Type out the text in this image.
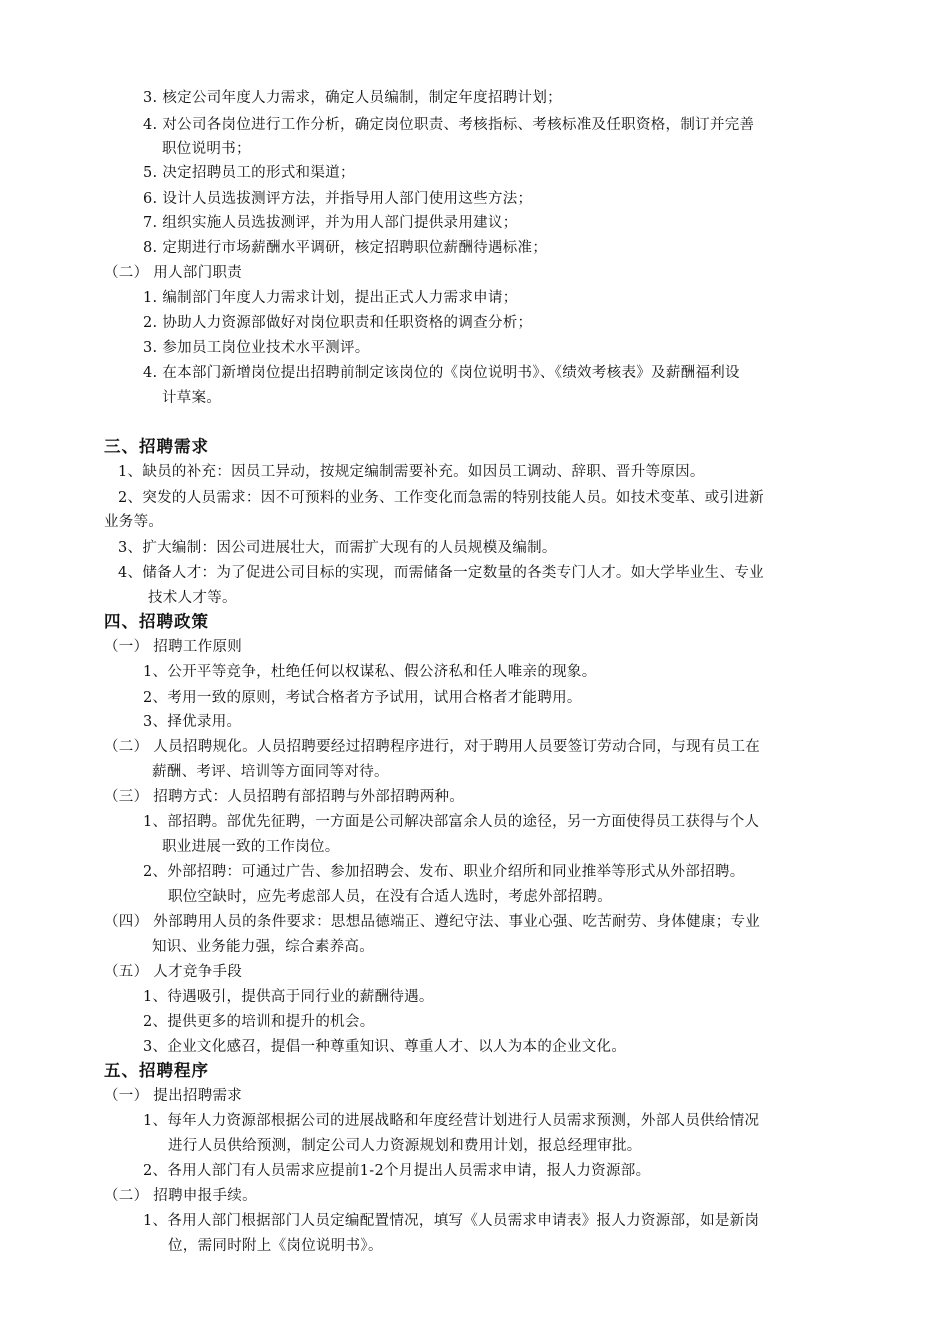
3. 核定公司年度人力需求，确定人员编制，制定年度招聘计划；
4. 对公司各岗位进行工作分析，确定岗位职责、考核指标、考核标准及任职资格，制订并完善
职位说明书；
5. 决定招聘员工的形式和渠道；
6. 设计人员选拔测评方法，并指导用人部门使用这些方法；
7. 组织实施人员选拔测评，并为用人部门提供录用建议；
8. 定期进行市场薪酬水平调研，核定招聘职位薪酬待遇标准；
（二） 用人部门职责
1. 编制部门年度人力需求计划，提出正式人力需求申请；
2. 协助人力资源部做好对岗位职责和任职资格的调查分析；
3. 参加员工岗位业技术水平测评。
4. 在本部门新增岗位提出招聘前制定该岗位的《岗位说明书》、《绩效考核表》及薪酬福利设
计草案。
三、招聘需求
1、缺员的补充：因员工异动，按规定编制需要补充。如因员工调动、辞职、晋升等原因。
2、突发的人员需求：因不可预料的业务、工作变化而急需的特别技能人员。如技术变革、或引进新
业务等。
3、扩大编制：因公司进展壮大，而需扩大现有的人员规模及编制。
4、储备人才：为了促进公司目标的实现，而需储备一定数量的各类专门人才。如大学毕业生、专业
技术人才等。
四、招聘政策
（一） 招聘工作原则
1、公开平等竞争，杜绝任何以权谋私、假公济私和任人唯亲的现象。
2、考用一致的原则，考试合格者方予试用，试用合格者才能聘用。
3、择优录用。
（二） 人员招聘规化。人员招聘要经过招聘程序进行，对于聘用人员要签订劳动合同，与现有员工在
薪酬、考评、培训等方面同等对待。
（三） 招聘方式：人员招聘有部招聘与外部招聘两种。
1、部招聘。部优先征聘，一方面是公司解决部富余人员的途径，另一方面使得员工获得与个人
职业进展一致的工作岗位。
2、外部招聘：可通过广告、参加招聘会、发布、职业介绍所和同业推举等形式从外部招聘。
职位空缺时，应先考虑部人员，在没有合适人选时，考虑外部招聘。
（四） 外部聘用人员的条件要求：思想品德端正、遵纪守法、事业心强、吃苦耐劳、身体健康；专业
知识、业务能力强，综合素养高。
（五） 人才竞争手段
1、待遇吸引，提供高于同行业的薪酬待遇。
2、提供更多的培训和提升的机会。
3、企业文化感召，提倡一种尊重知识、尊重人才、以人为本的企业文化。
五、招聘程序
（一） 提出招聘需求
1、每年人力资源部根据公司的进展战略和年度经营计划进行人员需求预测，外部人员供给情况
进行人员供给预测，制定公司人力资源规划和费用计划，报总经理审批。
2、各用人部门有人员需求应提前1-2个月提出人员需求申请，报人力资源部。
（二） 招聘申报手续。
1、各用人部门根据部门人员定编配置情况，填写《人员需求申请表》报人力资源部，如是新岗
位，需同时附上《岗位说明书》。
